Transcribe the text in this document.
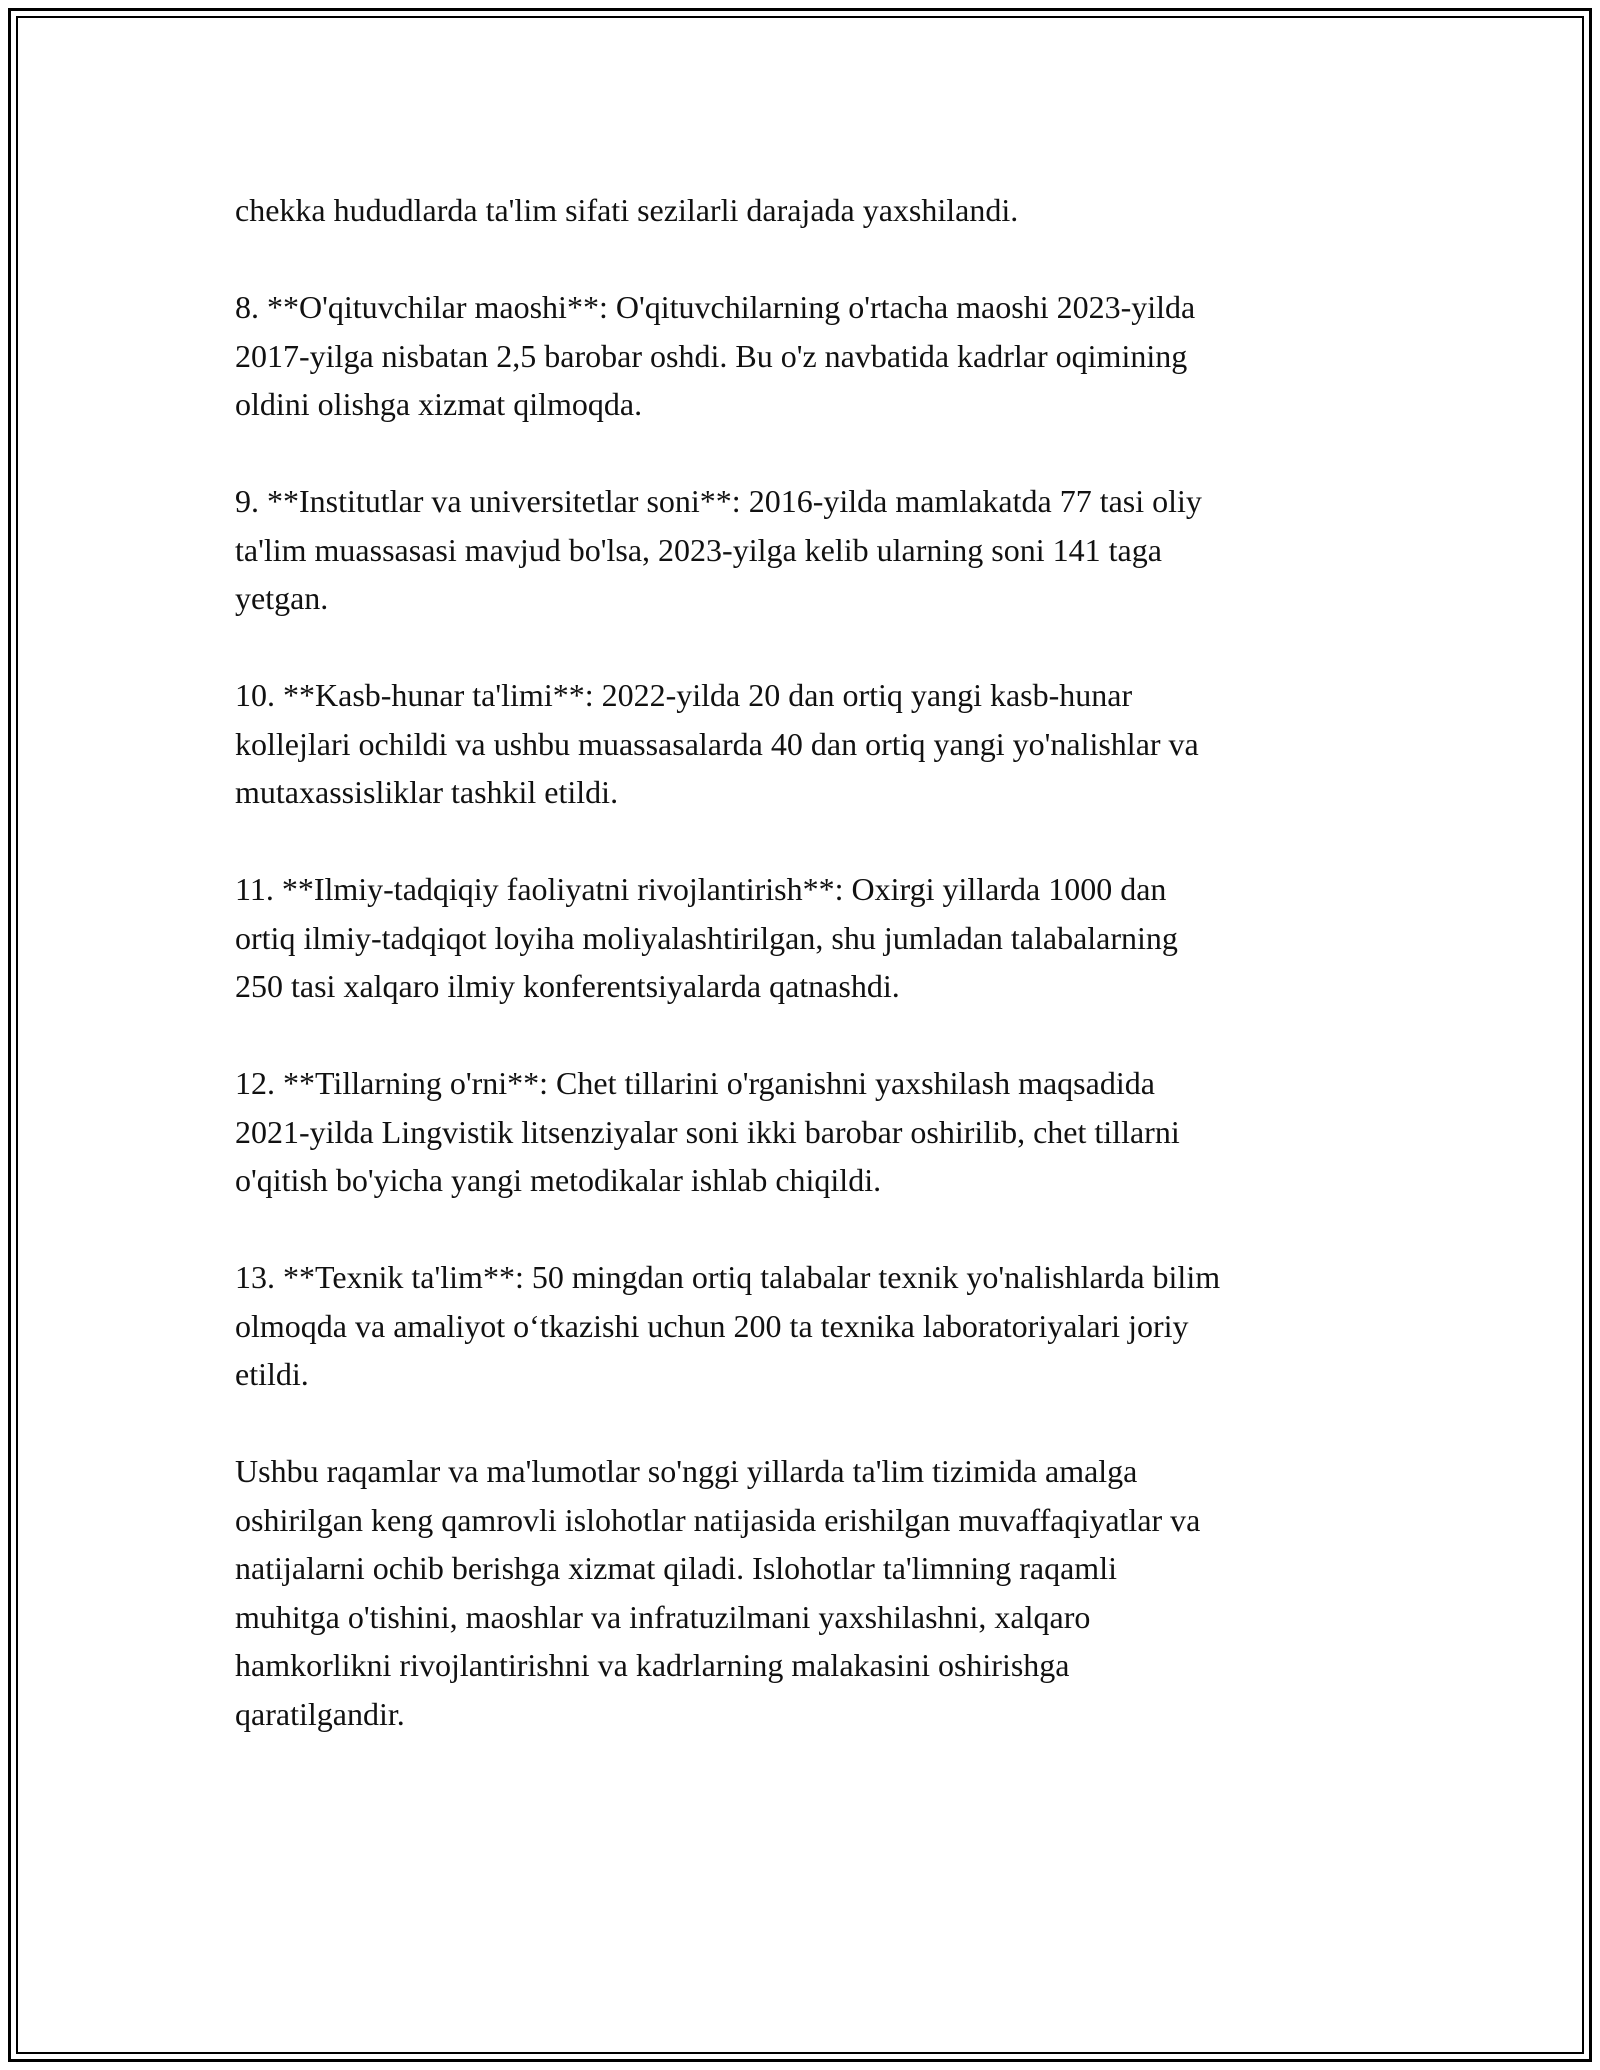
chekka hududlarda ta'lim sifati sezilarli darajada yaxshilandi.

8. **O'qituvchilar maoshi**: O'qituvchilarning o'rtacha maoshi 2023-yilda
2017-yilga nisbatan 2,5 barobar oshdi. Bu o'z navbatida kadrlar oqimining
oldini olishga xizmat qilmoqda.

9. **Institutlar va universitetlar soni**: 2016-yilda mamlakatda 77 tasi oliy
ta'lim muassasasi mavjud bo'lsa, 2023-yilga kelib ularning soni 141 taga
yetgan.

10. **Kasb-hunar ta'limi**: 2022-yilda 20 dan ortiq yangi kasb-hunar
kollejlari ochildi va ushbu muassasalarda 40 dan ortiq yangi yo'nalishlar va
mutaxassisliklar tashkil etildi.

11. **Ilmiy-tadqiqiy faoliyatni rivojlantirish**: Oxirgi yillarda 1000 dan
ortiq ilmiy-tadqiqot loyiha moliyalashtirilgan, shu jumladan talabalarning
250 tasi xalqaro ilmiy konferentsiyalarda qatnashdi.

12. **Tillarning o'rni**: Chet tillarini o'rganishni yaxshilash maqsadida
2021-yilda Lingvistik litsenziyalar soni ikki barobar oshirilib, chet tillarni
o'qitish bo'yicha yangi metodikalar ishlab chiqildi.

13. **Texnik ta'lim**: 50 mingdan ortiq talabalar texnik yo'nalishlarda bilim
olmoqda va amaliyot o‘tkazishi uchun 200 ta texnika laboratoriyalari joriy
etildi.

Ushbu raqamlar va ma'lumotlar so'nggi yillarda ta'lim tizimida amalga
oshirilgan keng qamrovli islohotlar natijasida erishilgan muvaffaqiyatlar va
natijalarni ochib berishga xizmat qiladi. Islohotlar ta'limning raqamli
muhitga o'tishini, maoshlar va infratuzilmani yaxshilashni, xalqaro
hamkorlikni rivojlantirishni va kadrlarning malakasini oshirishga
qaratilgandir.
